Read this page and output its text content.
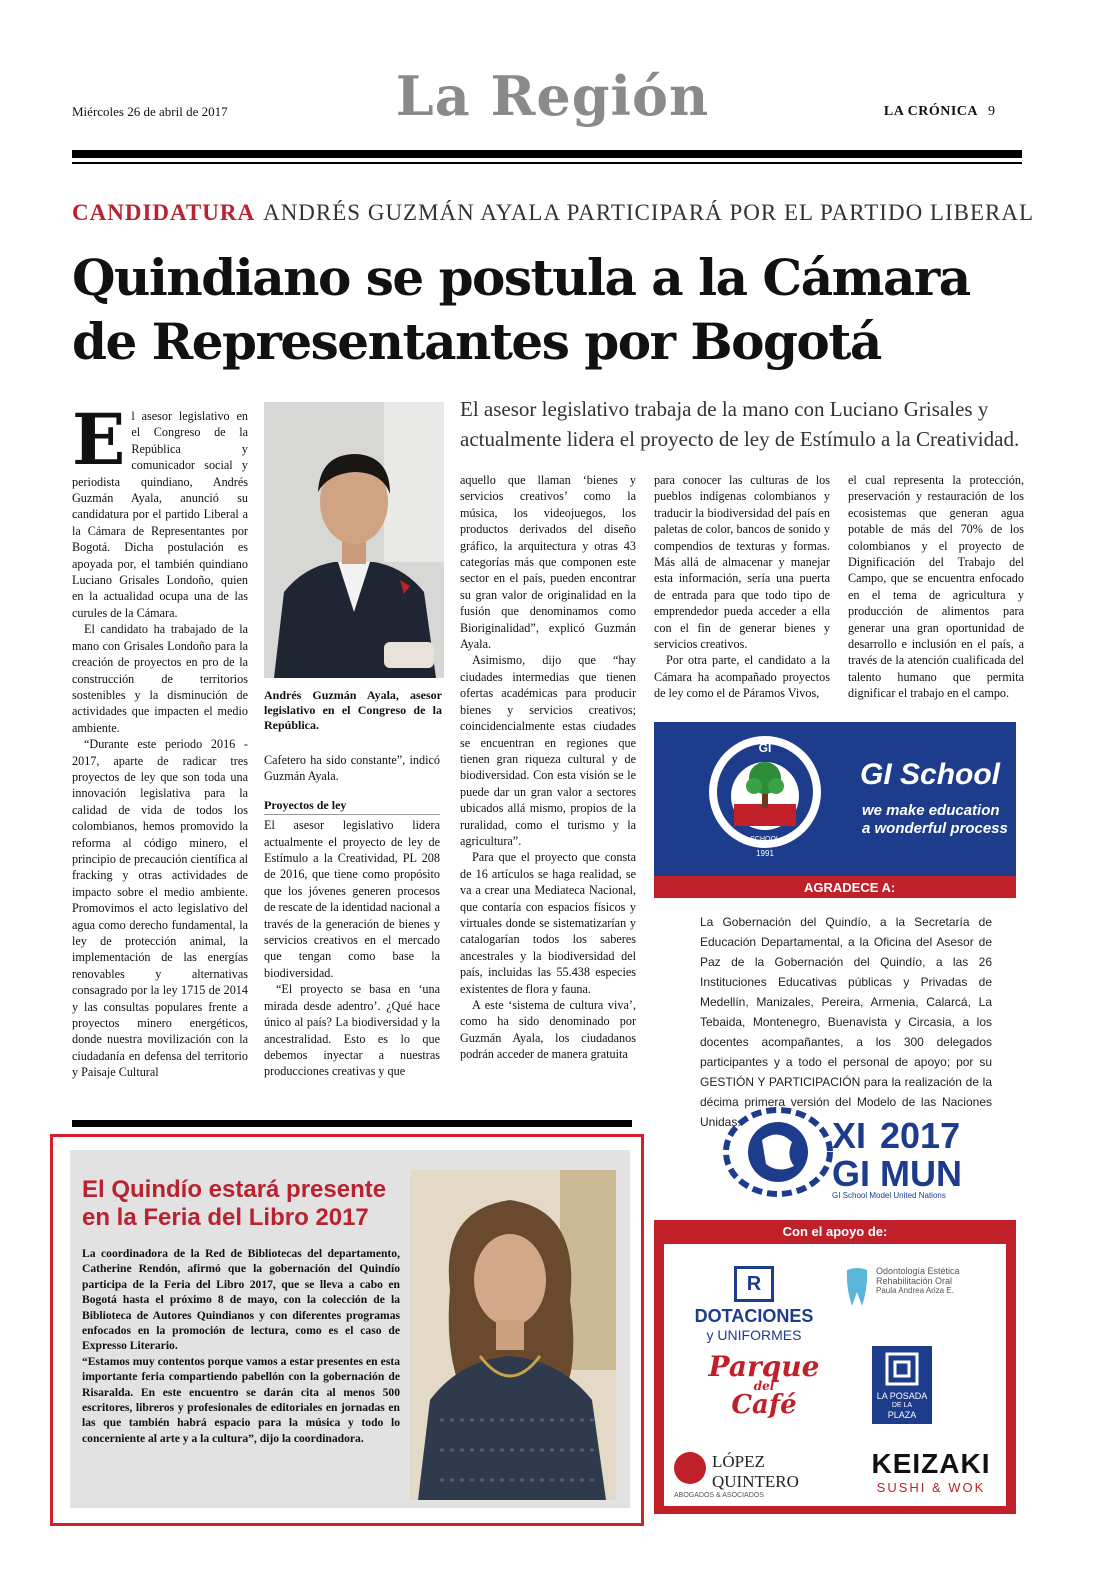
Miércoles 26 de abril de 2017	La Región	LA CRÓNICA 9
CANDIDATURA ANDRÉS GUZMÁN AYALA PARTICIPARÁ POR EL PARTIDO LIBERAL
Quindiano se postula a la Cámara de Representantes por Bogotá

El asesor legislativo en el Congreso de la República y comunicador social y periodista quindiano, Andrés Guzmán Ayala, anunció su candidatura por el partido Liberal a la Cámara de Representantes por Bogotá. Dicha postulación es apoyada por, el también quindiano Luciano Grisales Londoño, quien en la actualidad ocupa una de las curules de la Cámara.

El candidato ha trabajado de la mano con Grisales Londoño para la creación de proyectos en pro de la construcción de territorios sostenibles y la disminución de actividades que impacten el medio ambiente.

“Durante este periodo 2016 - 2017, aparte de radicar tres proyectos de ley que son toda una innovación legislativa para la calidad de vida de todos los colombianos, hemos promovido la reforma al código minero, el principio de precaución científica al fracking y otras actividades de impacto sobre el medio ambiente. Promovimos el acto legislativo del agua como derecho fundamental, la ley de protección animal, la implementación de las energías renovables y alternativas consagrado por la ley 1715 de 2014 y las consultas populares frente a proyectos minero energéticos, donde nuestra movilización con la ciudadanía en defensa del territorio y Paisaje Cultural

Andrés Guzmán Ayala, asesor legislativo en el Congreso de la República.
El asesor legislativo trabaja de la mano con Luciano Grisales y actualmente lidera el proyecto de ley de Estímulo a la Creatividad.

Cafetero ha sido constante”, indicó Guzmán Ayala.

Proyectos de ley

El asesor legislativo lidera actualmente el proyecto de ley de Estímulo a la Creatividad, PL 208 de 2016, que tiene como propósito que los jóvenes generen procesos de rescate de la identidad nacional a través de la generación de bienes y servicios creativos en el mercado que tengan como base la biodiversidad.

“El proyecto se basa en ‘una mirada desde adentro’. ¿Qué hace único al país? La biodiversidad y la ancestralidad. Esto es lo que debemos inyectar a nuestras producciones creativas y que

aquello que llaman ‘bienes y servicios creativos’ como la música, los videojuegos, los productos derivados del diseño gráfico, la arquitectura y otras 43 categorías más que componen este sector en el país, pueden encontrar su gran valor de originalidad en la fusión que denominamos como Bioriginalidad”, explicó Guzmán Ayala.

Asimismo, dijo que “hay ciudades intermedias que tienen ofertas académicas para producir bienes y servicios creativos; coincidencialmente estas ciudades se encuentran en regiones que tienen gran riqueza cultural y de biodiversidad. Con esta visión se le puede dar un gran valor a sectores ubicados allá mismo, propios de la ruralidad, como el turismo y la agricultura”.

Para que el proyecto que consta de 16 artículos se haga realidad, se va a crear una Mediateca Nacional, que contaría con espacios físicos y virtuales donde se sistematizarían y catalogarían todos los saberes ancestrales y la biodiversidad del país, incluidas las 55.438 especies existentes de flora y fauna.

A este ‘sistema de cultura viva’, como ha sido denominado por Guzmán Ayala, los ciudadanos podrán acceder de manera gratuita

para conocer las culturas de los pueblos indígenas colombianos y traducir la biodiversidad del país en paletas de color, bancos de sonido y compendios de texturas y formas. Más allá de almacenar y manejar esta información, sería una puerta de entrada para que todo tipo de emprendedor pueda acceder a ella con el fin de generar bienes y servicios creativos.

Por otra parte, el candidato a la Cámara ha acompañado proyectos de ley como el de Páramos Vivos,

el cual representa la protección, preservación y restauración de los ecosistemas que generan agua potable de más del 70% de los colombianos y el proyecto de Dignificación del Trabajo del Campo, que se encuentra enfocado en el tema de agricultura y producción de alimentos para generar una gran oportunidad de desarrollo e inclusión en el país, a través de la atención cualificada del talento humano que permita dignificar el trabajo en el campo.

GI
SCHOOL
1991
GI School
we make education
a wonderful process
AGRADECE A:
La Gobernación del Quindío, a la Secretaría de Educación Departamental, a la Oficina del Asesor de Paz de la Gobernación del Quindío, a las 26 Instituciones Educativas públicas y Privadas de Medellín, Manizales, Pereira, Armenia, Calarcá, La Tebaida, Montenegro, Buenavista y Circasia, a los docentes acompañantes, a los 300 delegados participantes y a todo el personal de apoyo; por su GESTIÓN Y PARTICIPACIÓN para la realización de la décima primera versión del Modelo de las Naciones Unidas.	XI
GI
2017
MUN
GI School Model United Nations
Con el apoyo de:
R
DOTACIONES
y UNIFORMES
Odontología Estética
Rehabilitación Oral
Paula Andrea Ariza E.
Parque
del
Café	LA POSADA
DE LA
PLAZA
LÓPEZ QUINTERO
ABOGADOS & ASOCIADOS
KEIZAKI
SUSHI & WOK
El Quindío estará presente en la Feria del Libro 2017

La coordinadora de la Red de Bibliotecas del departamento, Catherine Rendón, afirmó que la gobernación del Quindío participa de la Feria del Libro 2017, que se lleva a cabo en Bogotá hasta el próximo 8 de mayo, con la colección de la Biblioteca de Autores Quindianos y con diferentes programas enfocados en la promoción de lectura, como es el caso de Expresso Literario.

“Estamos muy contentos porque vamos a estar presentes en esta importante feria compartiendo pabellón con la gobernación de Risaralda. En este encuentro se darán cita al menos 500 escritores, libreros y profesionales de editoriales en jornadas en las que también habrá espacio para la música y todo lo concerniente al arte y a la cultura”, dijo la coordinadora.
